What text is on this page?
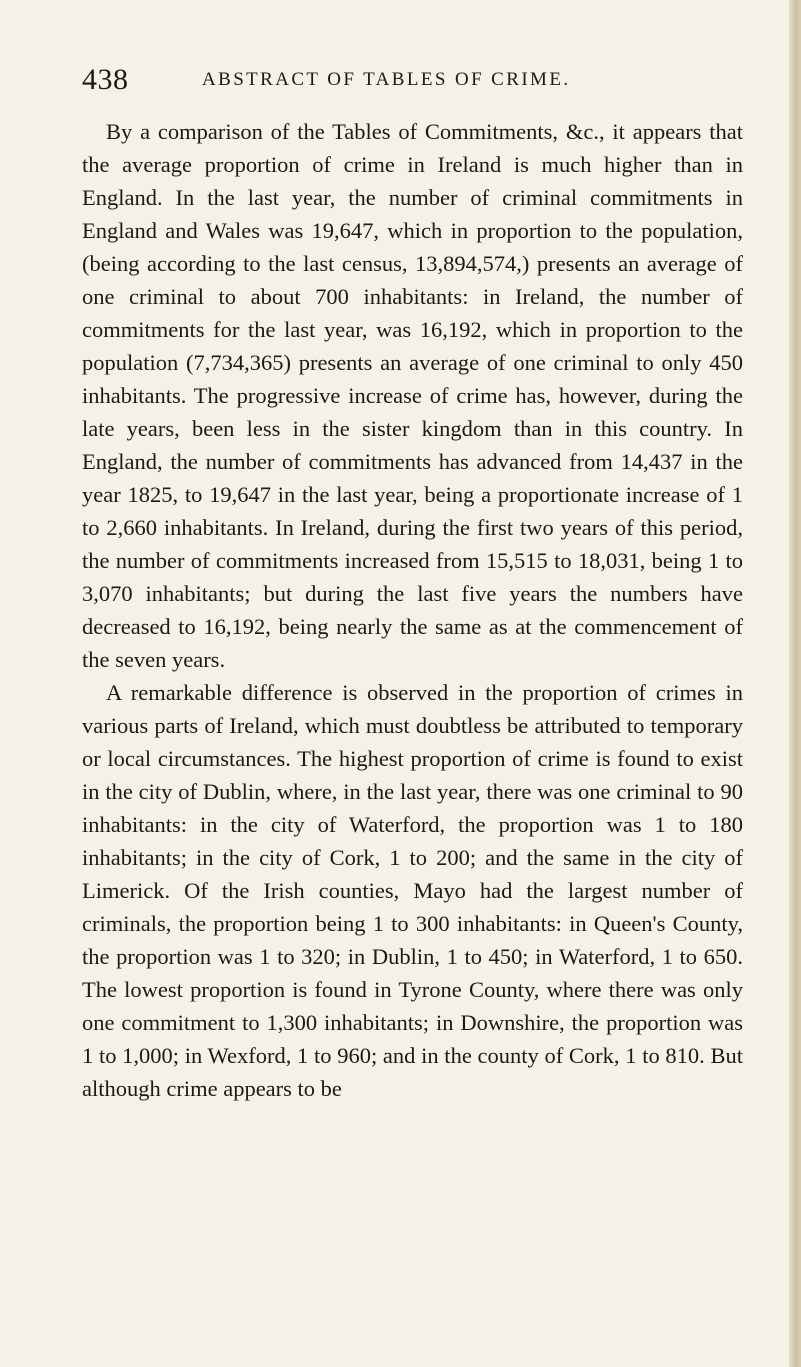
438	ABSTRACT OF TABLES OF CRIME.

By a comparison of the Tables of Commitments, &c., it appears that the average proportion of crime in Ireland is much higher than in England. In the last year, the number of criminal commitments in England and Wales was 19,647, which in proportion to the population, (being according to the last census, 13,894,574,) presents an average of one criminal to about 700 inhabitants: in Ireland, the number of commitments for the last year, was 16,192, which in proportion to the population (7,734,365) presents an average of one criminal to only 450 inhabitants. The progressive increase of crime has, however, during the late years, been less in the sister kingdom than in this country. In England, the number of commitments has advanced from 14,437 in the year 1825, to 19,647 in the last year, being a proportionate increase of 1 to 2,660 inhabitants. In Ireland, during the first two years of this period, the number of commitments increased from 15,515 to 18,031, being 1 to 3,070 inhabitants; but during the last five years the numbers have decreased to 16,192, being nearly the same as at the commencement of the seven years.

A remarkable difference is observed in the proportion of crimes in various parts of Ireland, which must doubtless be attributed to temporary or local circumstances. The highest proportion of crime is found to exist in the city of Dublin, where, in the last year, there was one criminal to 90 inhabitants: in the city of Waterford, the proportion was 1 to 180 inhabitants; in the city of Cork, 1 to 200; and the same in the city of Limerick. Of the Irish counties, Mayo had the largest number of criminals, the proportion being 1 to 300 inhabitants: in Queen's County, the proportion was 1 to 320; in Dublin, 1 to 450; in Waterford, 1 to 650. The lowest proportion is found in Tyrone County, where there was only one commitment to 1,300 inhabitants; in Downshire, the proportion was 1 to 1,000; in Wexford, 1 to 960; and in the county of Cork, 1 to 810. But although crime appears to be
